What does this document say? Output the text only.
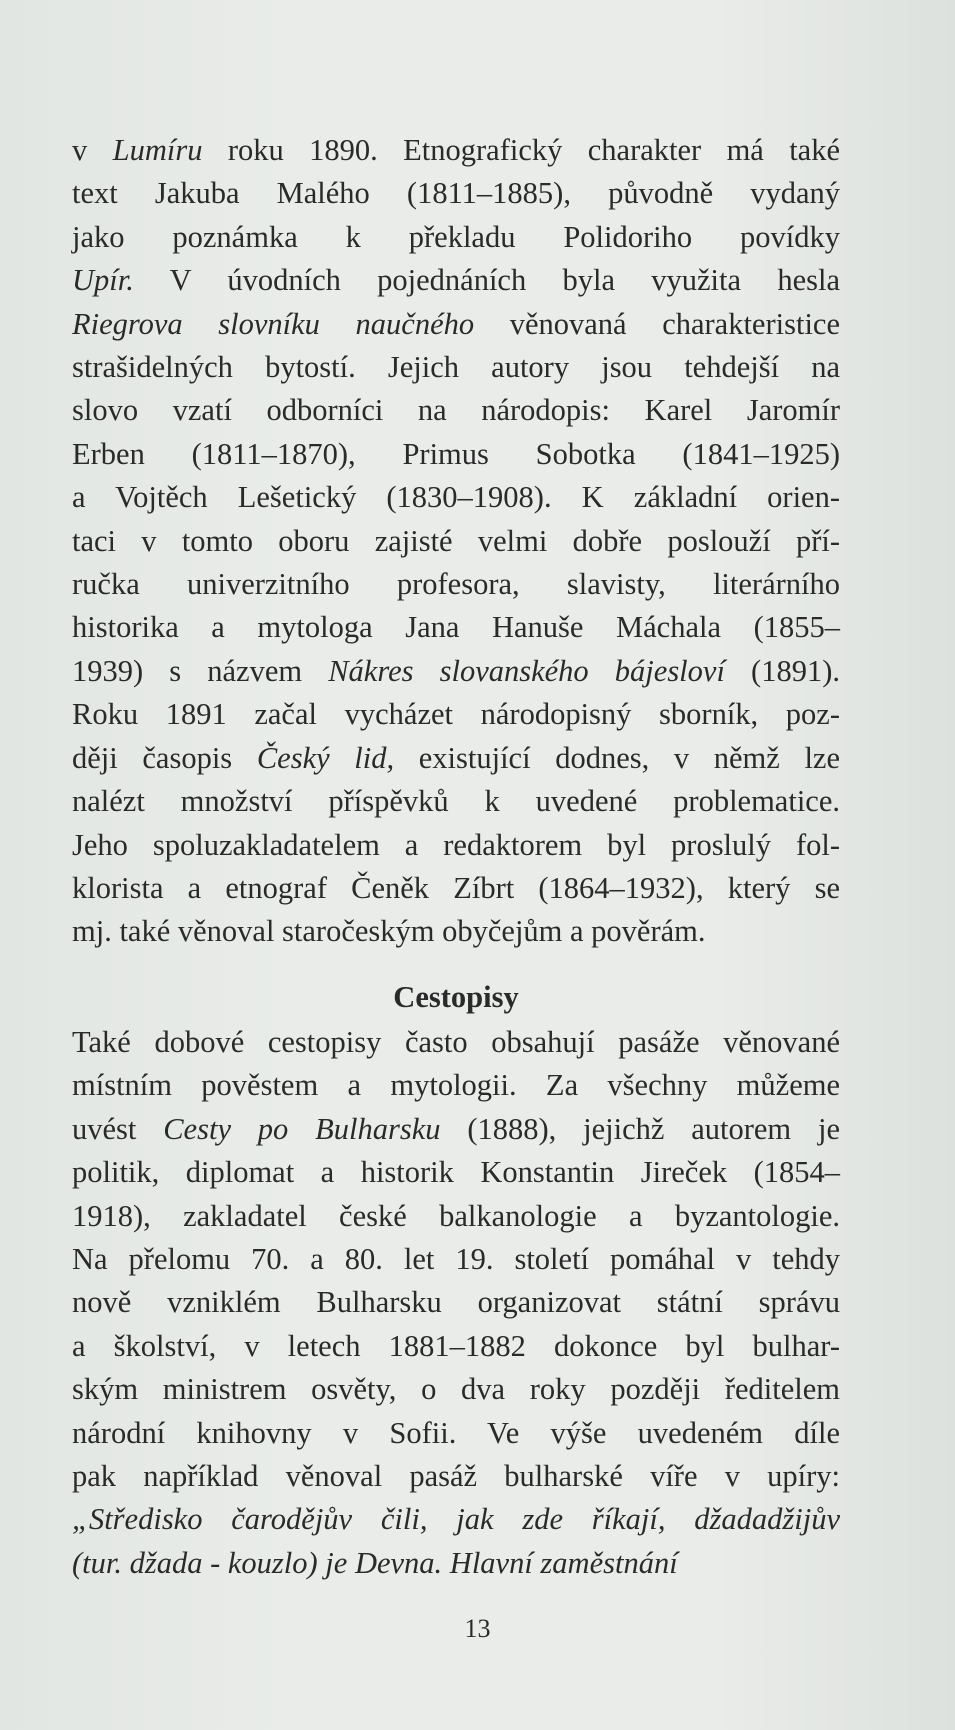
v Lumíru roku 1890. Etnografický charakter má také

text Jakuba Malého (1811–1885), původně vydaný

jako poznámka k překladu Polidoriho povídky

Upír. V úvodních pojednáních byla využita hesla

Riegrova slovníku naučného věnovaná charakteristice

strašidelných bytostí. Jejich autory jsou tehdejší na

slovo vzatí odborníci na národopis: Karel Jaromír

Erben (1811–1870), Primus Sobotka (1841–1925)

a Vojtěch Lešetický (1830–1908). K základní orien-

taci v tomto oboru zajisté velmi dobře poslouží pří-

ručka univerzitního profesora, slavisty, literárního

historika a mytologa Jana Hanuše Máchala (1855–

1939) s názvem Nákres slovanského bájesloví (1891).

Roku 1891 začal vycházet národopisný sborník, poz-

ději časopis Český lid, existující dodnes, v němž lze

nalézt množství příspěvků k uvedené problematice.

Jeho spoluzakladatelem a redaktorem byl proslulý fol-

klorista a etnograf Čeněk Zíbrt (1864–1932), který se

mj. také věnoval staročeským obyčejům a pověrám.

Cestopisy

Také dobové cestopisy často obsahují pasáže věnované

místním pověstem a mytologii. Za všechny můžeme

uvést Cesty po Bulharsku (1888), jejichž autorem je

politik, diplomat a historik Konstantin Jireček (1854–

1918), zakladatel české balkanologie a byzantologie.

Na přelomu 70. a 80. let 19. století pomáhal v tehdy

nově vzniklém Bulharsku organizovat státní správu

a školství, v letech 1881–1882 dokonce byl bulhar-

ským ministrem osvěty, o dva roky později ředitelem

národní knihovny v Sofii. Ve výše uvedeném díle

pak například věnoval pasáž bulharské víře v upíry:

„Středisko čarodějův čili, jak zde říkají, džadadžijův

(tur. džada - kouzlo) je Devna. Hlavní zaměstnání

13
